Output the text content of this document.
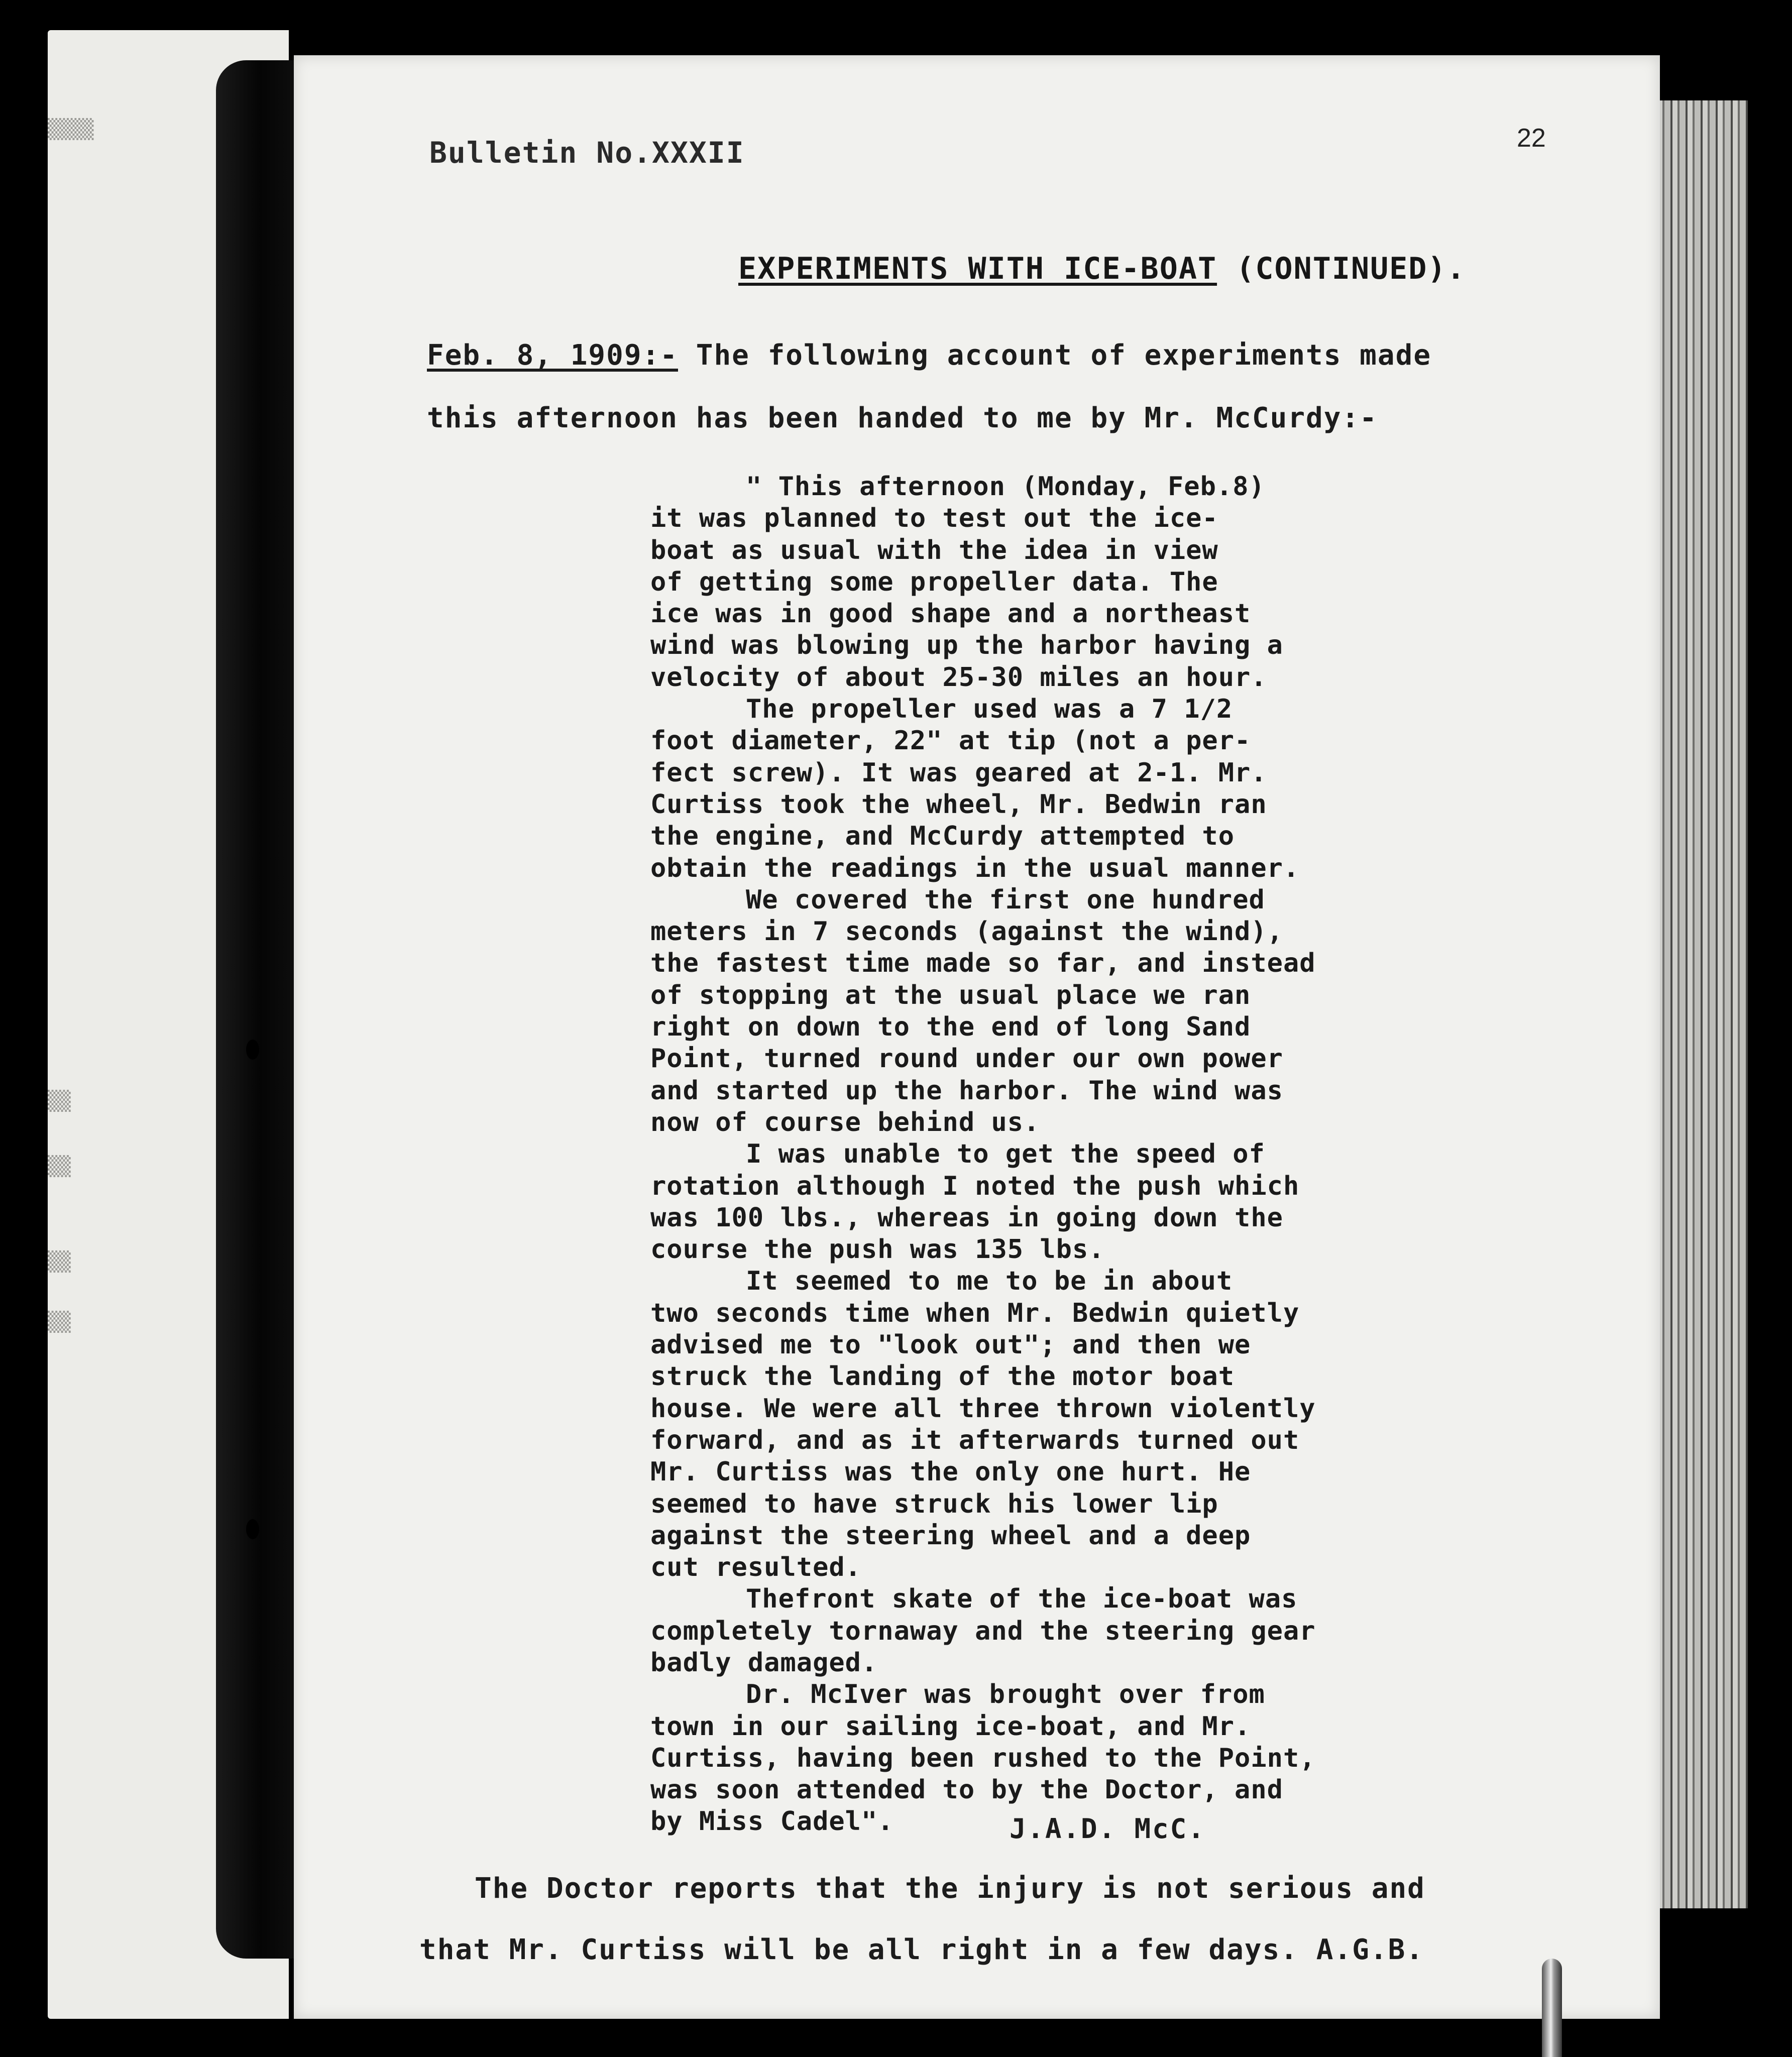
▒▒▒▒
▒▒
▒▒
▒▒
▒▒
22
Bulletin No.XXXII
EXPERIMENTS WITH ICE-BOAT (CONTINUED).
Feb. 8, 1909:- The following account of experiments made
this afternoon has been handed to me by Mr. McCurdy:-
" This afternoon (Monday, Feb.8)
it was planned to test out the ice-
boat as usual with the idea in view
of getting some propeller data. The
ice was in good shape and a northeast
wind was blowing up the harbor having a
velocity of about 25-30 miles an hour.
The propeller used was a 7 1/2
foot diameter, 22" at tip (not a per-
fect screw). It was geared at 2-1. Mr.
Curtiss took the wheel, Mr. Bedwin ran
the engine, and McCurdy attempted to
obtain the readings in the usual manner.
We covered the first one hundred
meters in 7 seconds (against the wind),
the fastest time made so far, and instead
of stopping at the usual place we ran
right on down to the end of long Sand
Point, turned round under our own power
and started up the harbor. The wind was
now of course behind us.
I was unable to get the speed of
rotation although I noted the push which
was 100 lbs., whereas in going down the
course the push was 135 lbs.
It seemed to me to be in about
two seconds time when Mr. Bedwin quietly
advised me to "look out"; and then we
struck the landing of the motor boat
house. We were all three thrown violently
forward, and as it afterwards turned out
Mr. Curtiss was the only one hurt. He
seemed to have struck his lower lip
against the steering wheel and a deep
cut resulted.
Thefront skate of the ice-boat was
completely tornaway and the steering gear
badly damaged.
Dr. McIver was brought over from
town in our sailing ice-boat, and Mr.
Curtiss, having been rushed to the Point,
was soon attended to by the Doctor, and
by Miss Cadel".	J.A.D. McC.
The Doctor reports that the injury is not serious and
that Mr. Curtiss will be all right in a few days. A.G.B.
